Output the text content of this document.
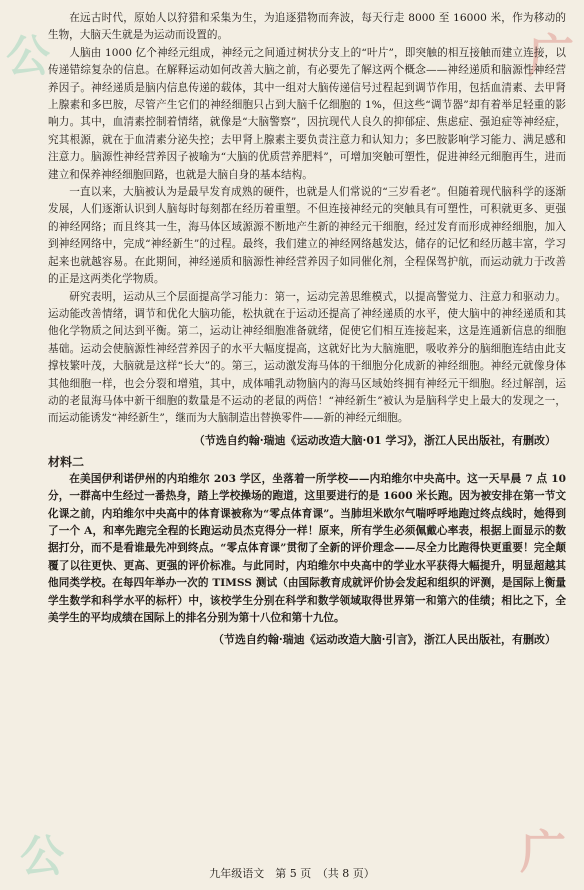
公	广
公	广

在远古时代，原始人以狩猎和采集为生，为追逐猎物而奔波，每天行走 8000 至 16000 米，作为移动的生物，大脑天生就是为运动而设置的。

人脑由 1000 亿个神经元组成，神经元之间通过树状分支上的“叶片”，即突触的相互接触而建立连接，以传递错综复杂的信息。在解释运动如何改善大脑之前，有必要先了解这两个概念——神经递质和脑源性神经营养因子。神经递质是脑内信息传递的载体，其中一组对大脑传递信号过程起到调节作用，包括血清素、去甲肾上腺素和多巴胺，尽管产生它们的神经细胞只占到大脑千亿细胞的 1%，但这些“调节器”却有着举足轻重的影响力。其中，血清素控制着情绪，就像是“大脑警察”，因抗现代人良久的抑郁症、焦虑症、强迫症等神经症，究其根源，就在于血清素分泌失控；去甲肾上腺素主要负责注意力和认知力；多巴胺影响学习能力、满足感和注意力。脑源性神经营养因子被喻为“大脑的优质营养肥料”，可增加突触可塑性，促进神经元细胞再生，进而建立和保养神经细胞回路，也就是大脑自身的基本结构。

一直以来，大脑被认为是最早发育成熟的硬件，也就是人们常说的“三岁看老”。但随着现代脑科学的逐渐发展，人们逐渐认识到人脑每时每刻都在经历着重塑。不但连接神经元的突触具有可塑性，可积就更多、更强的神经网络；而且终其一生，海马体区域源源不断地产生新的神经元干细胞，经过发育而形成神经细胞，加入到神经网络中，完成“神经新生”的过程。最终，我们建立的神经网络越发达，储存的记忆和经历越丰富，学习起来也就越容易。在此期间，神经递质和脑源性神经营养因子如同催化剂，全程保驾护航，而运动就力于改善的正是这两类化学物质。

研究表明，运动从三个层面提高学习能力：第一，运动完善思维模式，以提高警觉力、注意力和驱动力。运动能改善情绪，调节和优化大脑功能，松执就在于运动还提高了神经递质的水平，使大脑中的神经递质和其他化学物质之间达到平衡。第二，运动让神经细胞准备就绪，促使它们相互连接起来，这是连通新信息的细胞基础。运动会使脑源性神经营养因子的水平大幅度提高，这就好比为大脑施肥，吸收养分的脑细胞连结由此支撑枝繁叶茂，大脑就是这样“长大”的。第三，运动激发海马体的干细胞分化成新的神经细胞。神经元就像身体其他细胞一样，也会分裂和增殖，其中，成体哺乳动物脑内的海马区域始终拥有神经元干细胞。经过解剖，运动的老鼠海马体中新干细胞的数量是不运动的老鼠的两倍！“神经新生”被认为是脑科学史上最大的发现之一，而运动能诱发“神经新生”，继而为大脑制造出替换零件——新的神经元细胞。

（节选自约翰·瑞迪《运动改造大脑·01 学习》，浙江人民出版社，有删改）

材料二

在美国伊利诺伊州的内珀维尔 203 学区，坐落着一所学校——内珀维尔中央高中。这一天早晨 7 点 10 分，一群高中生经过一番热身，踏上学校操场的跑道，这里要进行的是 1600 米长跑。因为被安排在第一节文化课之前，内珀维尔中央高中的体育课被称为“零点体育课”。当肺坦米欧尔气喘呼呼地跑过终点线时，她得到了一个 A，和率先跑完全程的长跑运动员杰克得分一样！原来，所有学生必须佩戴心率表，根据上面显示的数据打分，而不是看谁最先冲到终点。“零点体育课”贯彻了全新的评价理念——尽全力比跑得快更重要！完全颠覆了以往更快、更高、更强的评价标准。与此同时，内珀维尔中央高中的学业水平获得大幅提升，明显超越其他同类学校。在每四年举办一次的 TIMSS 测试（由国际教育成就评价协会发起和组织的评测，是国际上衡量学生数学和科学水平的标杆）中，该校学生分别在科学和数学领域取得世界第一和第六的佳绩；相比之下，全美学生的平均成绩在国际上的排名分别为第十八位和第十九位。

（节选自约翰·瑞迪《运动改造大脑·引言》，浙江人民出版社，有删改）
九年级语文　第 5 页　（共 8 页）
